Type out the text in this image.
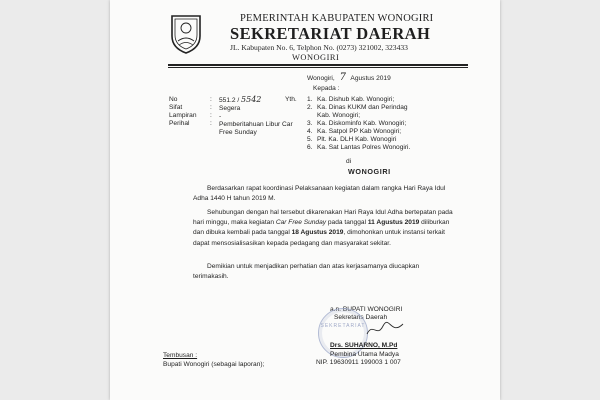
PEMERINTAH KABUPATEN WONOGIRI
SEKRETARIAT DAERAH
JL. Kabupaten No. 6, Telphon No. (0273) 321002, 323433
WONOGIRI
Wonogiri, 7 Agustus 2019
No
Sifat
Lampiran
Perihal
:
:
:
:
551.2 / 5542
Segera
-
Pemberitahuan Libur Car
Free Sunday
Yth.
Kepada :
1. Ka. Dishub Kab. Wonogiri;
2. Ka. Dinas KUKM dan Perindag
Kab. Wonogiri;
3. Ka. Diskominfo Kab. Wonogiri;
4. Ka. Satpol PP Kab Wonogiri;
5. Plt. Ka. DLH Kab. Wonogiri
6. Ka. Sat Lantas Polres Wonogiri.
di
WONOGIRI
Berdasarkan rapat koordinasi Pelaksanaan kegiatan dalam rangka Hari Raya Idul Adha 1440 H tahun 2019 M.
Sehubungan dengan hal tersebut dikarenakan Hari Raya Idul Adha bertepatan pada hari minggu, maka kegiatan Car Free Sunday pada tanggal 11 Agustus 2019 diliburkan dan dibuka kembali pada tanggal 18 Agustus 2019, dimohonkan untuk instansi terkait dapat mensosialisasikan kepada pedagang dan masyarakat sekitar.
Demikian untuk menjadikan perhatian dan atas kerjasamanya diucapkan terimakasih.
a.n. BUPATI WONOGIRI
Sekretaris Daerah
SEKRETARIAT
Drs. SUHARNO, M.Pd
Pembina Utama Madya
NIP. 19630911 199003 1 007
Tembusan :
Bupati Wonogiri (sebagai laporan);
